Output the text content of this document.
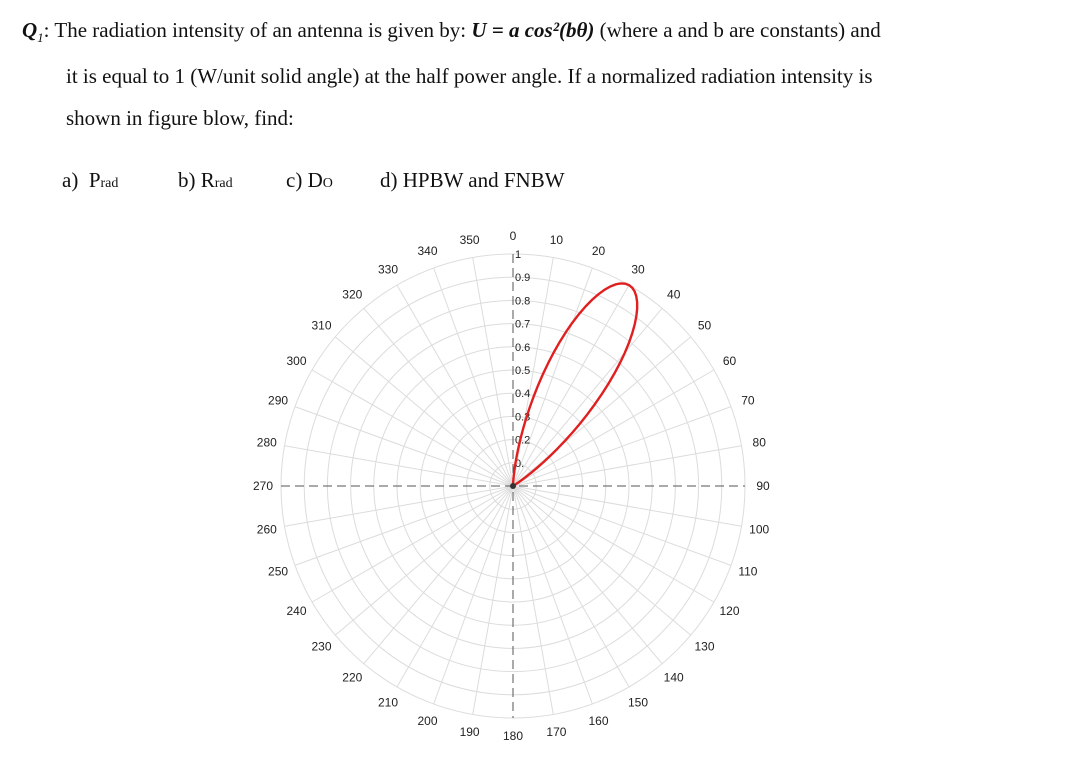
$Q_1$: The radiation intensity of an antenna is given by: U = a cos²(bθ) (where a and b are constants) and
it is equal to 1 (W/unit solid angle) at the half power angle. If a normalized radiation intensity is
shown in figure blow, find:
a) Prad	b) Rrad	c) DO d) HPBW and FNBW
0	10
20
30
40
50
60
70
80
90
100
110
120
130
140
150
160
170
180
190
200
210
220
230
240
250
260
270
280
290
300
310
320
330
340
350
0.
0.2
0.3
0.4
0.5
0.6
0.7
0.8
0.9
1
